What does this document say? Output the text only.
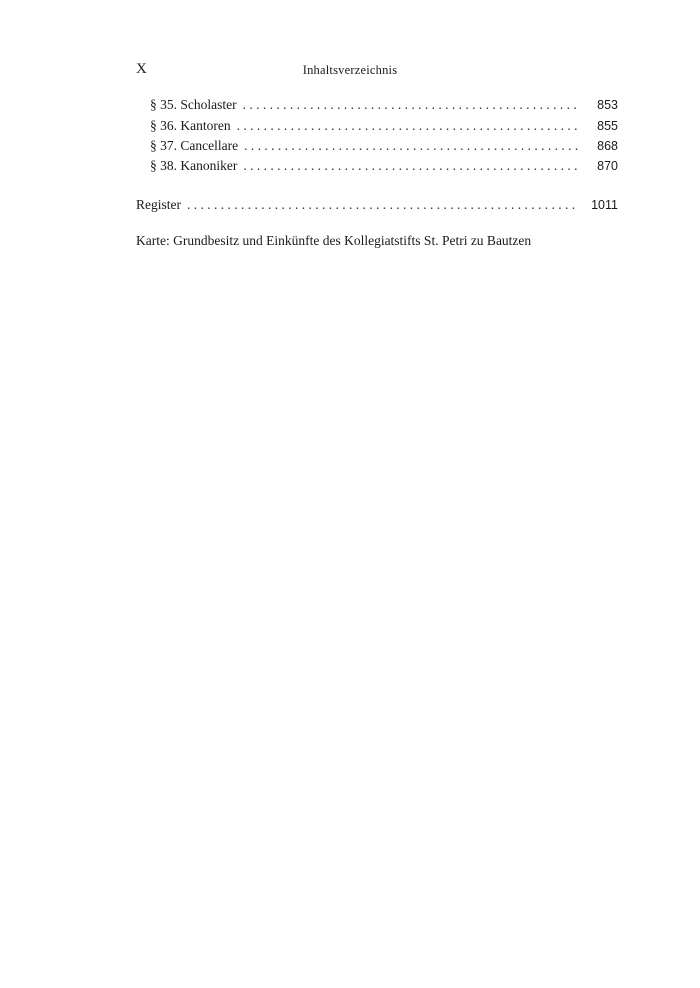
X	Inhaltsverzeichnis
§ 35. Scholaster . . .	853
§ 36. Kantoren . . .	855
§ 37. Cancellare . . .	868
§ 38. Kanoniker . . .	870
Register . . .	1011
Karte: Grundbesitz und Einkünfte des Kollegiatstifts St. Petri zu Bautzen
